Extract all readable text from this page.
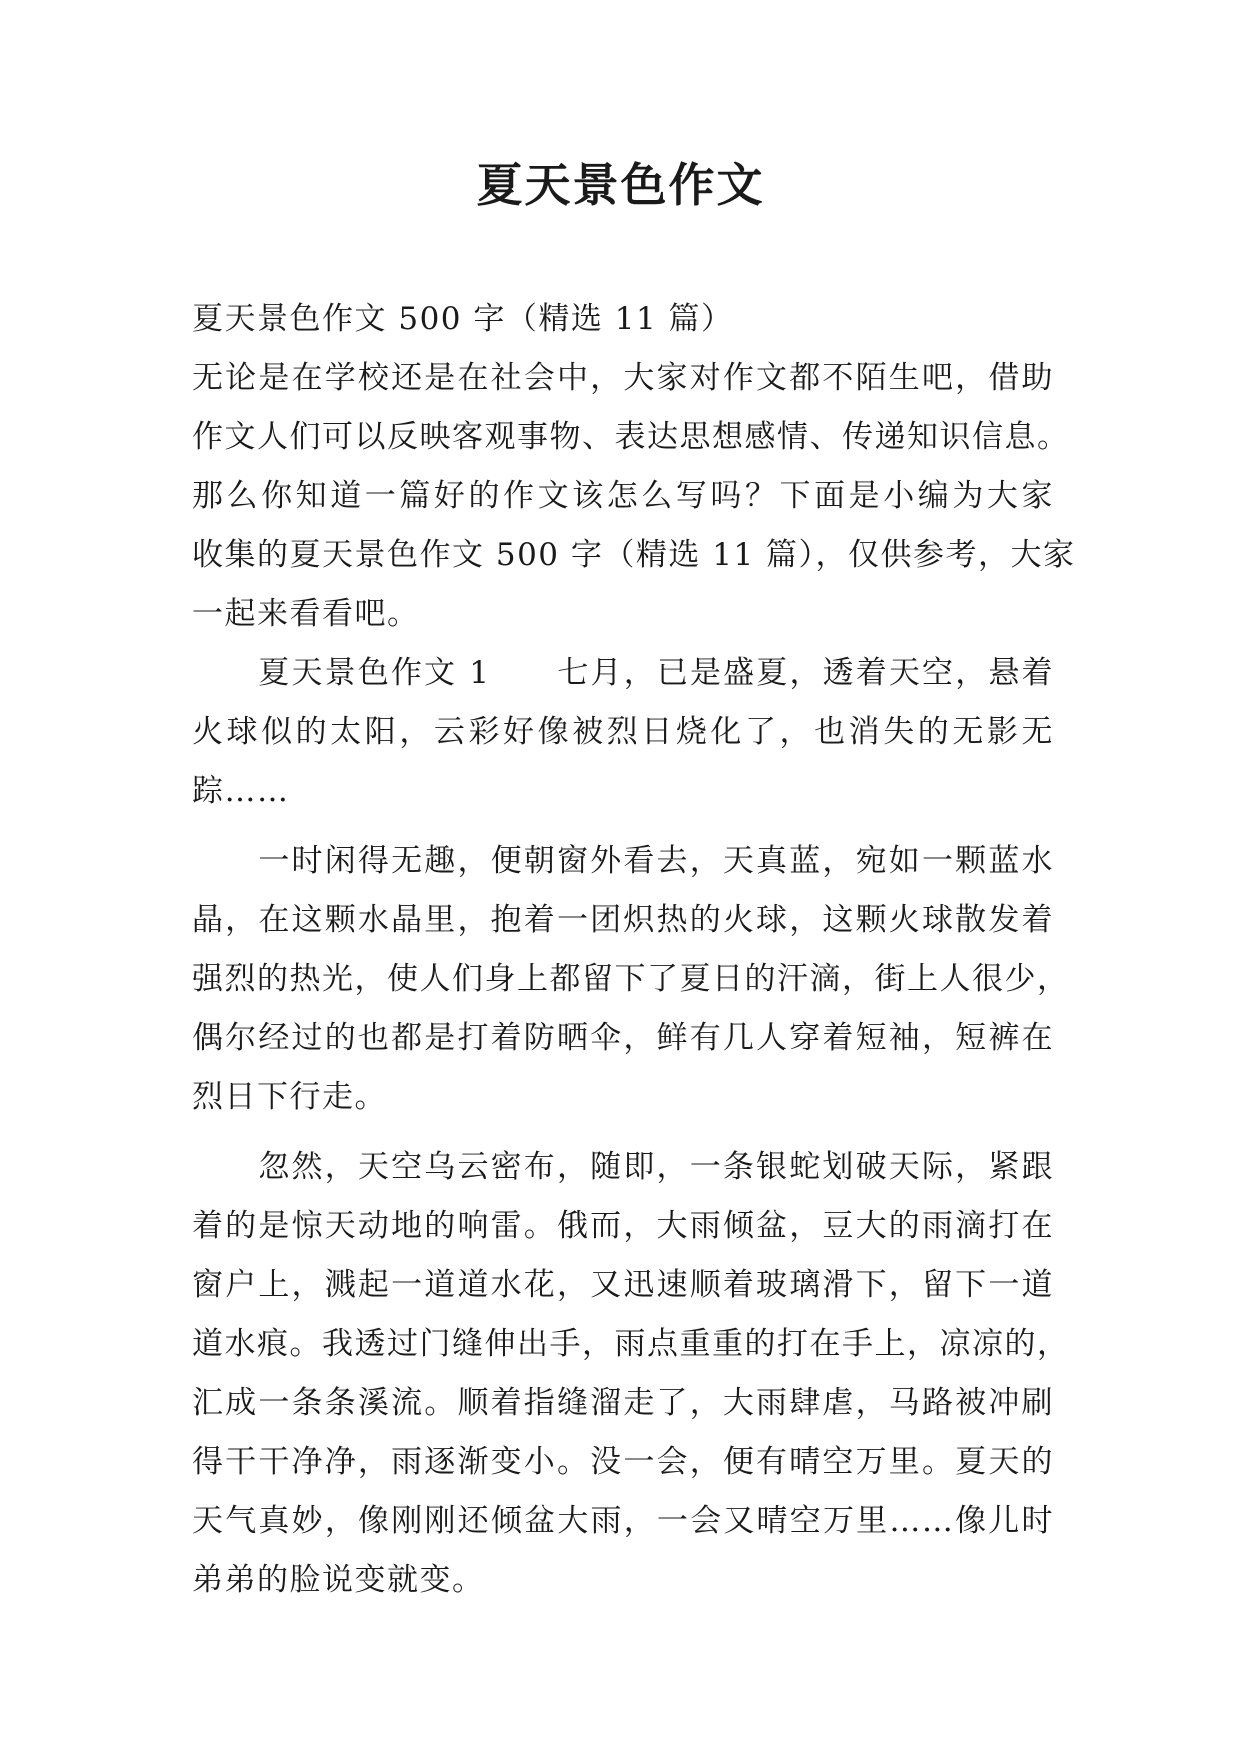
夏天景色作文
夏天景色作文 500 字（精选 11 篇）
无论是在学校还是在社会中，大家对作文都不陌生吧，借助
作文人们可以反映客观事物、表达思想感情、传递知识信息。
那么你知道一篇好的作文该怎么写吗？下面是小编为大家
收集的夏天景色作文 500 字（精选 11 篇），仅供参考，大家
一起来看看吧。
　　夏天景色作文 1　　七月，已是盛夏，透着天空，悬着
火球似的太阳，云彩好像被烈日烧化了，也消失的无影无
踪……
　　一时闲得无趣，便朝窗外看去，天真蓝，宛如一颗蓝水
晶，在这颗水晶里，抱着一团炽热的火球，这颗火球散发着
强烈的热光，使人们身上都留下了夏日的汗滴，街上人很少，
偶尔经过的也都是打着防晒伞，鲜有几人穿着短袖，短裤在
烈日下行走。
　　忽然，天空乌云密布，随即，一条银蛇划破天际，紧跟
着的是惊天动地的响雷。俄而，大雨倾盆，豆大的雨滴打在
窗户上，溅起一道道水花，又迅速顺着玻璃滑下，留下一道
道水痕。我透过门缝伸出手，雨点重重的打在手上，凉凉的，
汇成一条条溪流。顺着指缝溜走了，大雨肆虐，马路被冲刷
得干干净净，雨逐渐变小。没一会，便有晴空万里。夏天的
天气真妙，像刚刚还倾盆大雨，一会又晴空万里……像儿时
弟弟的脸说变就变。
